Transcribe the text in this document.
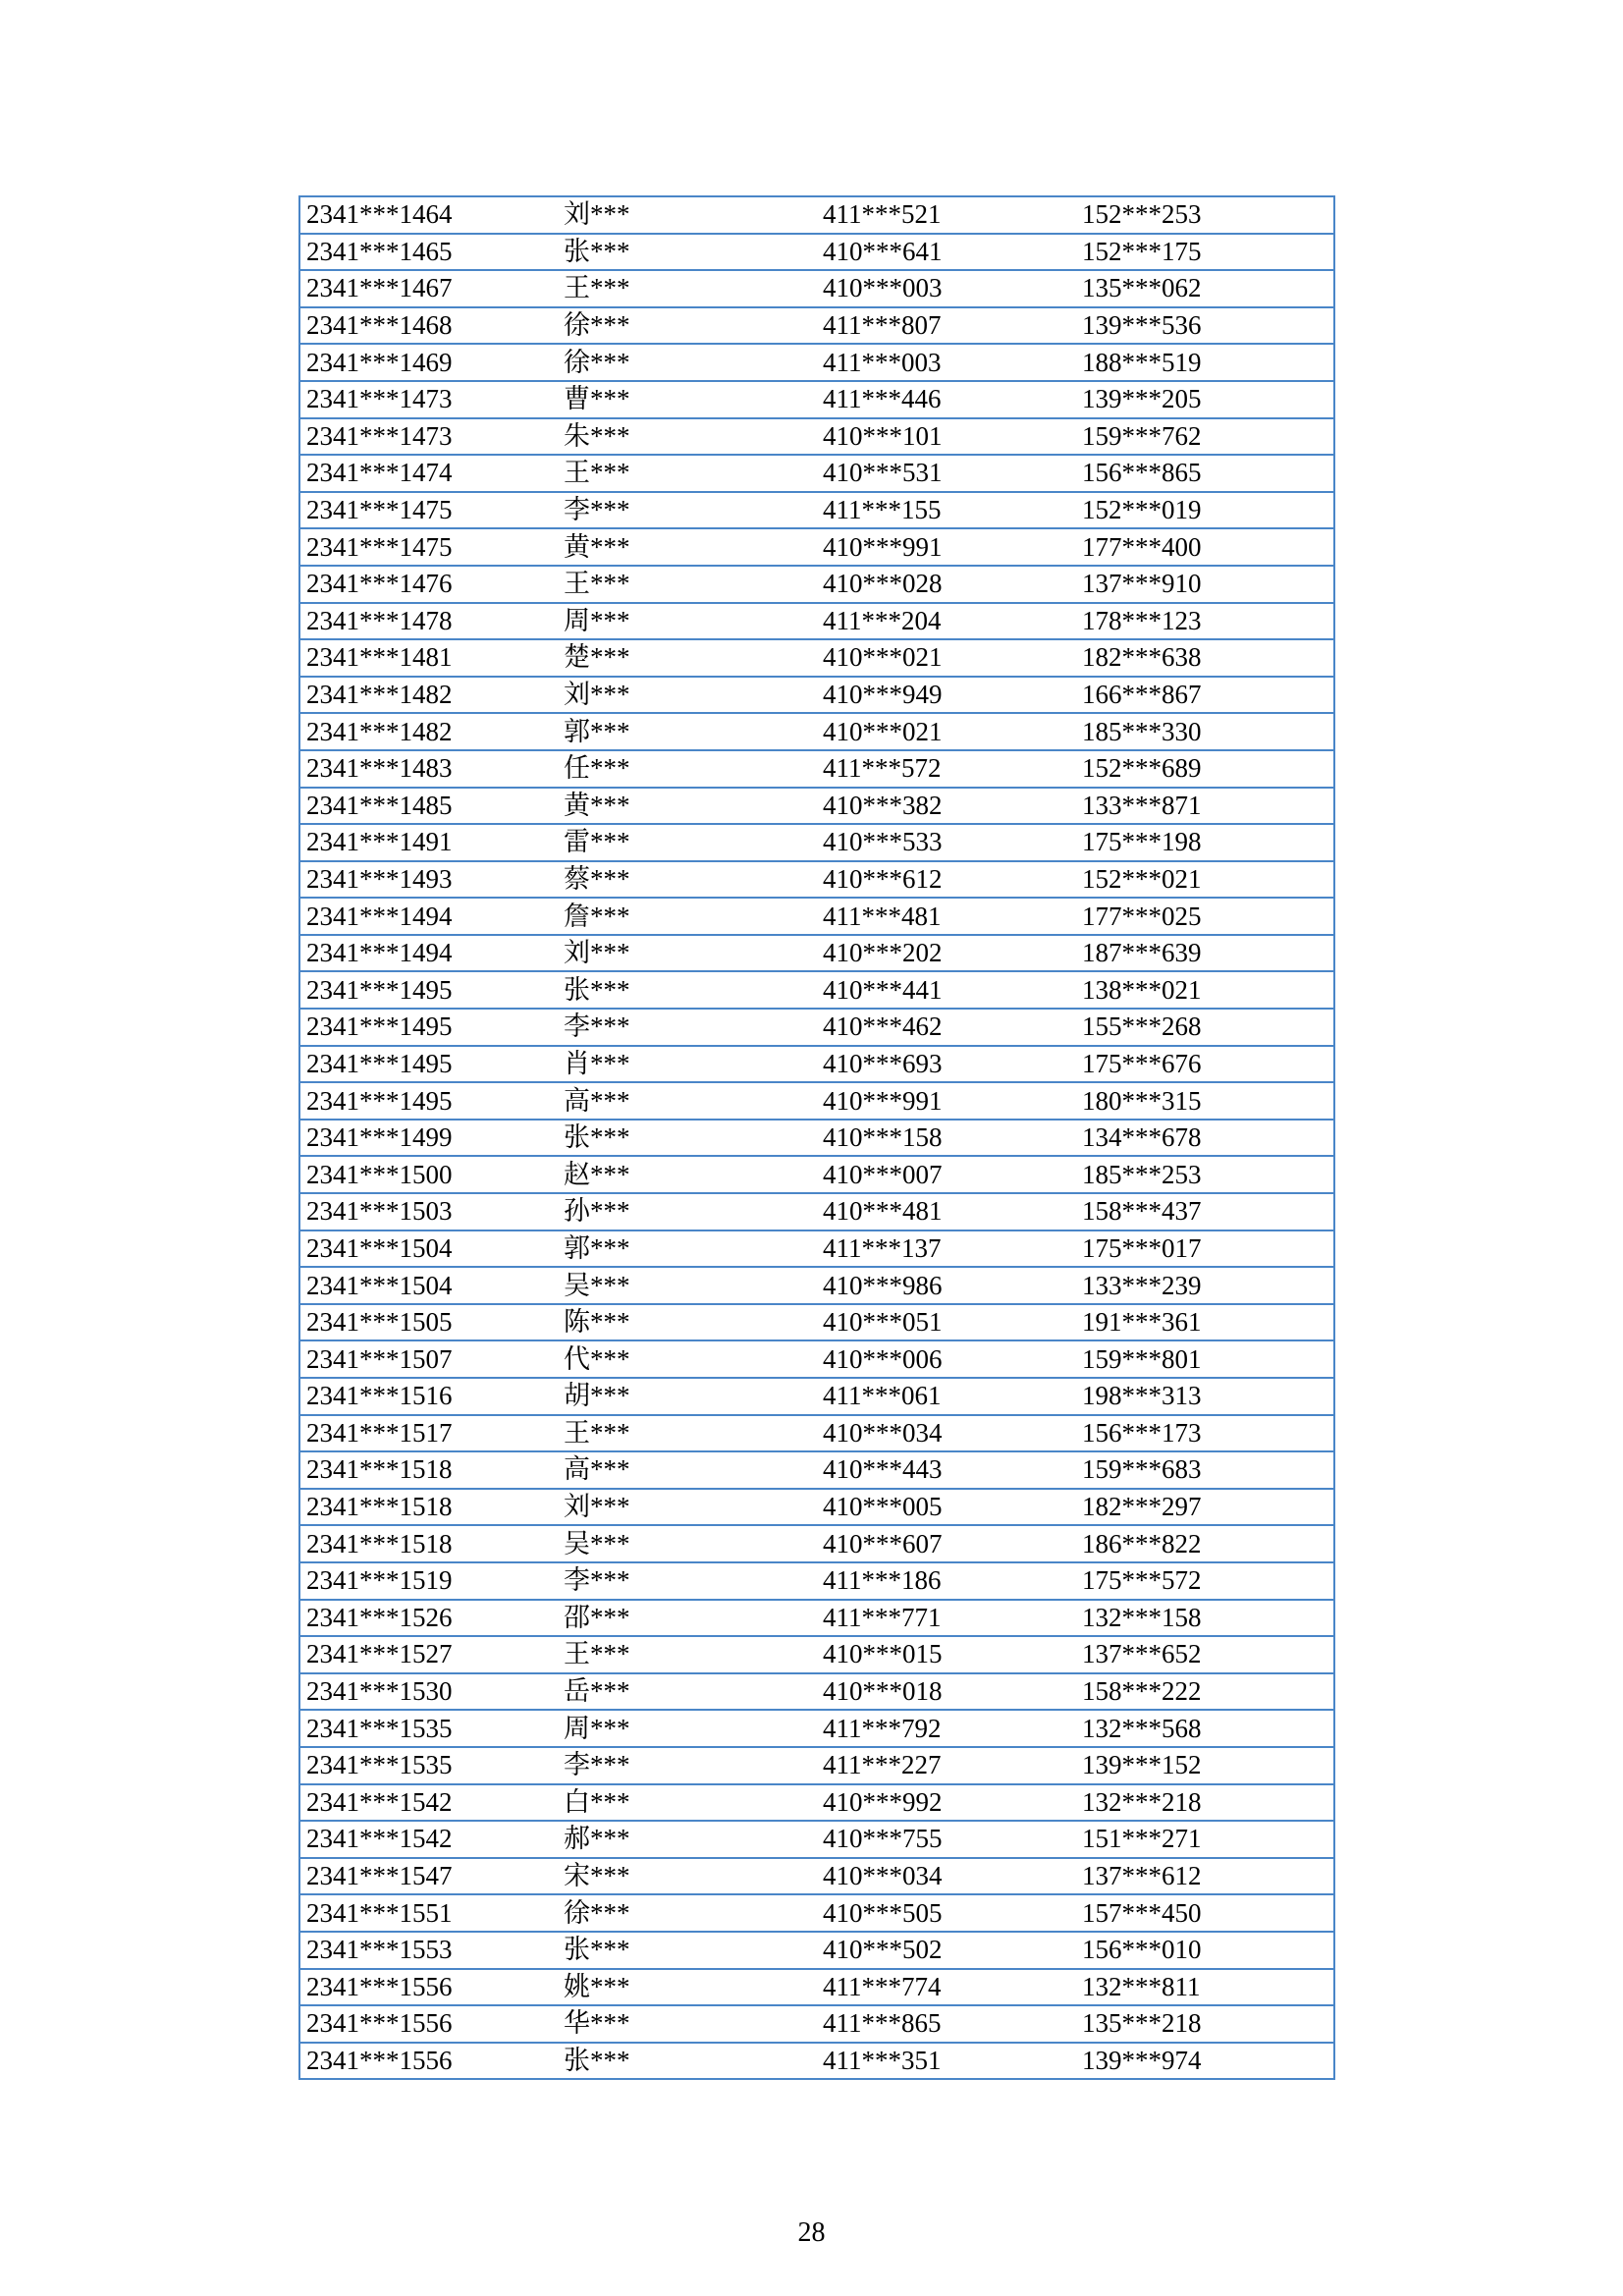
2341***1464	刘***	411***521	152***253
2341***1465	张***	410***641	152***175
2341***1467	王***	410***003	135***062
2341***1468	徐***	411***807	139***536
2341***1469	徐***	411***003	188***519
2341***1473	曹***	411***446	139***205
2341***1473	朱***	410***101	159***762
2341***1474	王***	410***531	156***865
2341***1475	李***	411***155	152***019
2341***1475	黄***	410***991	177***400
2341***1476	王***	410***028	137***910
2341***1478	周***	411***204	178***123
2341***1481	楚***	410***021	182***638
2341***1482	刘***	410***949	166***867
2341***1482	郭***	410***021	185***330
2341***1483	任***	411***572	152***689
2341***1485	黄***	410***382	133***871
2341***1491	雷***	410***533	175***198
2341***1493	蔡***	410***612	152***021
2341***1494	詹***	411***481	177***025
2341***1494	刘***	410***202	187***639
2341***1495	张***	410***441	138***021
2341***1495	李***	410***462	155***268
2341***1495	肖***	410***693	175***676
2341***1495	高***	410***991	180***315
2341***1499	张***	410***158	134***678
2341***1500	赵***	410***007	185***253
2341***1503	孙***	410***481	158***437
2341***1504	郭***	411***137	175***017
2341***1504	吴***	410***986	133***239
2341***1505	陈***	410***051	191***361
2341***1507	代***	410***006	159***801
2341***1516	胡***	411***061	198***313
2341***1517	王***	410***034	156***173
2341***1518	高***	410***443	159***683
2341***1518	刘***	410***005	182***297
2341***1518	吴***	410***607	186***822
2341***1519	李***	411***186	175***572
2341***1526	邵***	411***771	132***158
2341***1527	王***	410***015	137***652
2341***1530	岳***	410***018	158***222
2341***1535	周***	411***792	132***568
2341***1535	李***	411***227	139***152
2341***1542	白***	410***992	132***218
2341***1542	郝***	410***755	151***271
2341***1547	宋***	410***034	137***612
2341***1551	徐***	410***505	157***450
2341***1553	张***	410***502	156***010
2341***1556	姚***	411***774	132***811
2341***1556	华***	411***865	135***218
2341***1556	张***	411***351	139***974
28
